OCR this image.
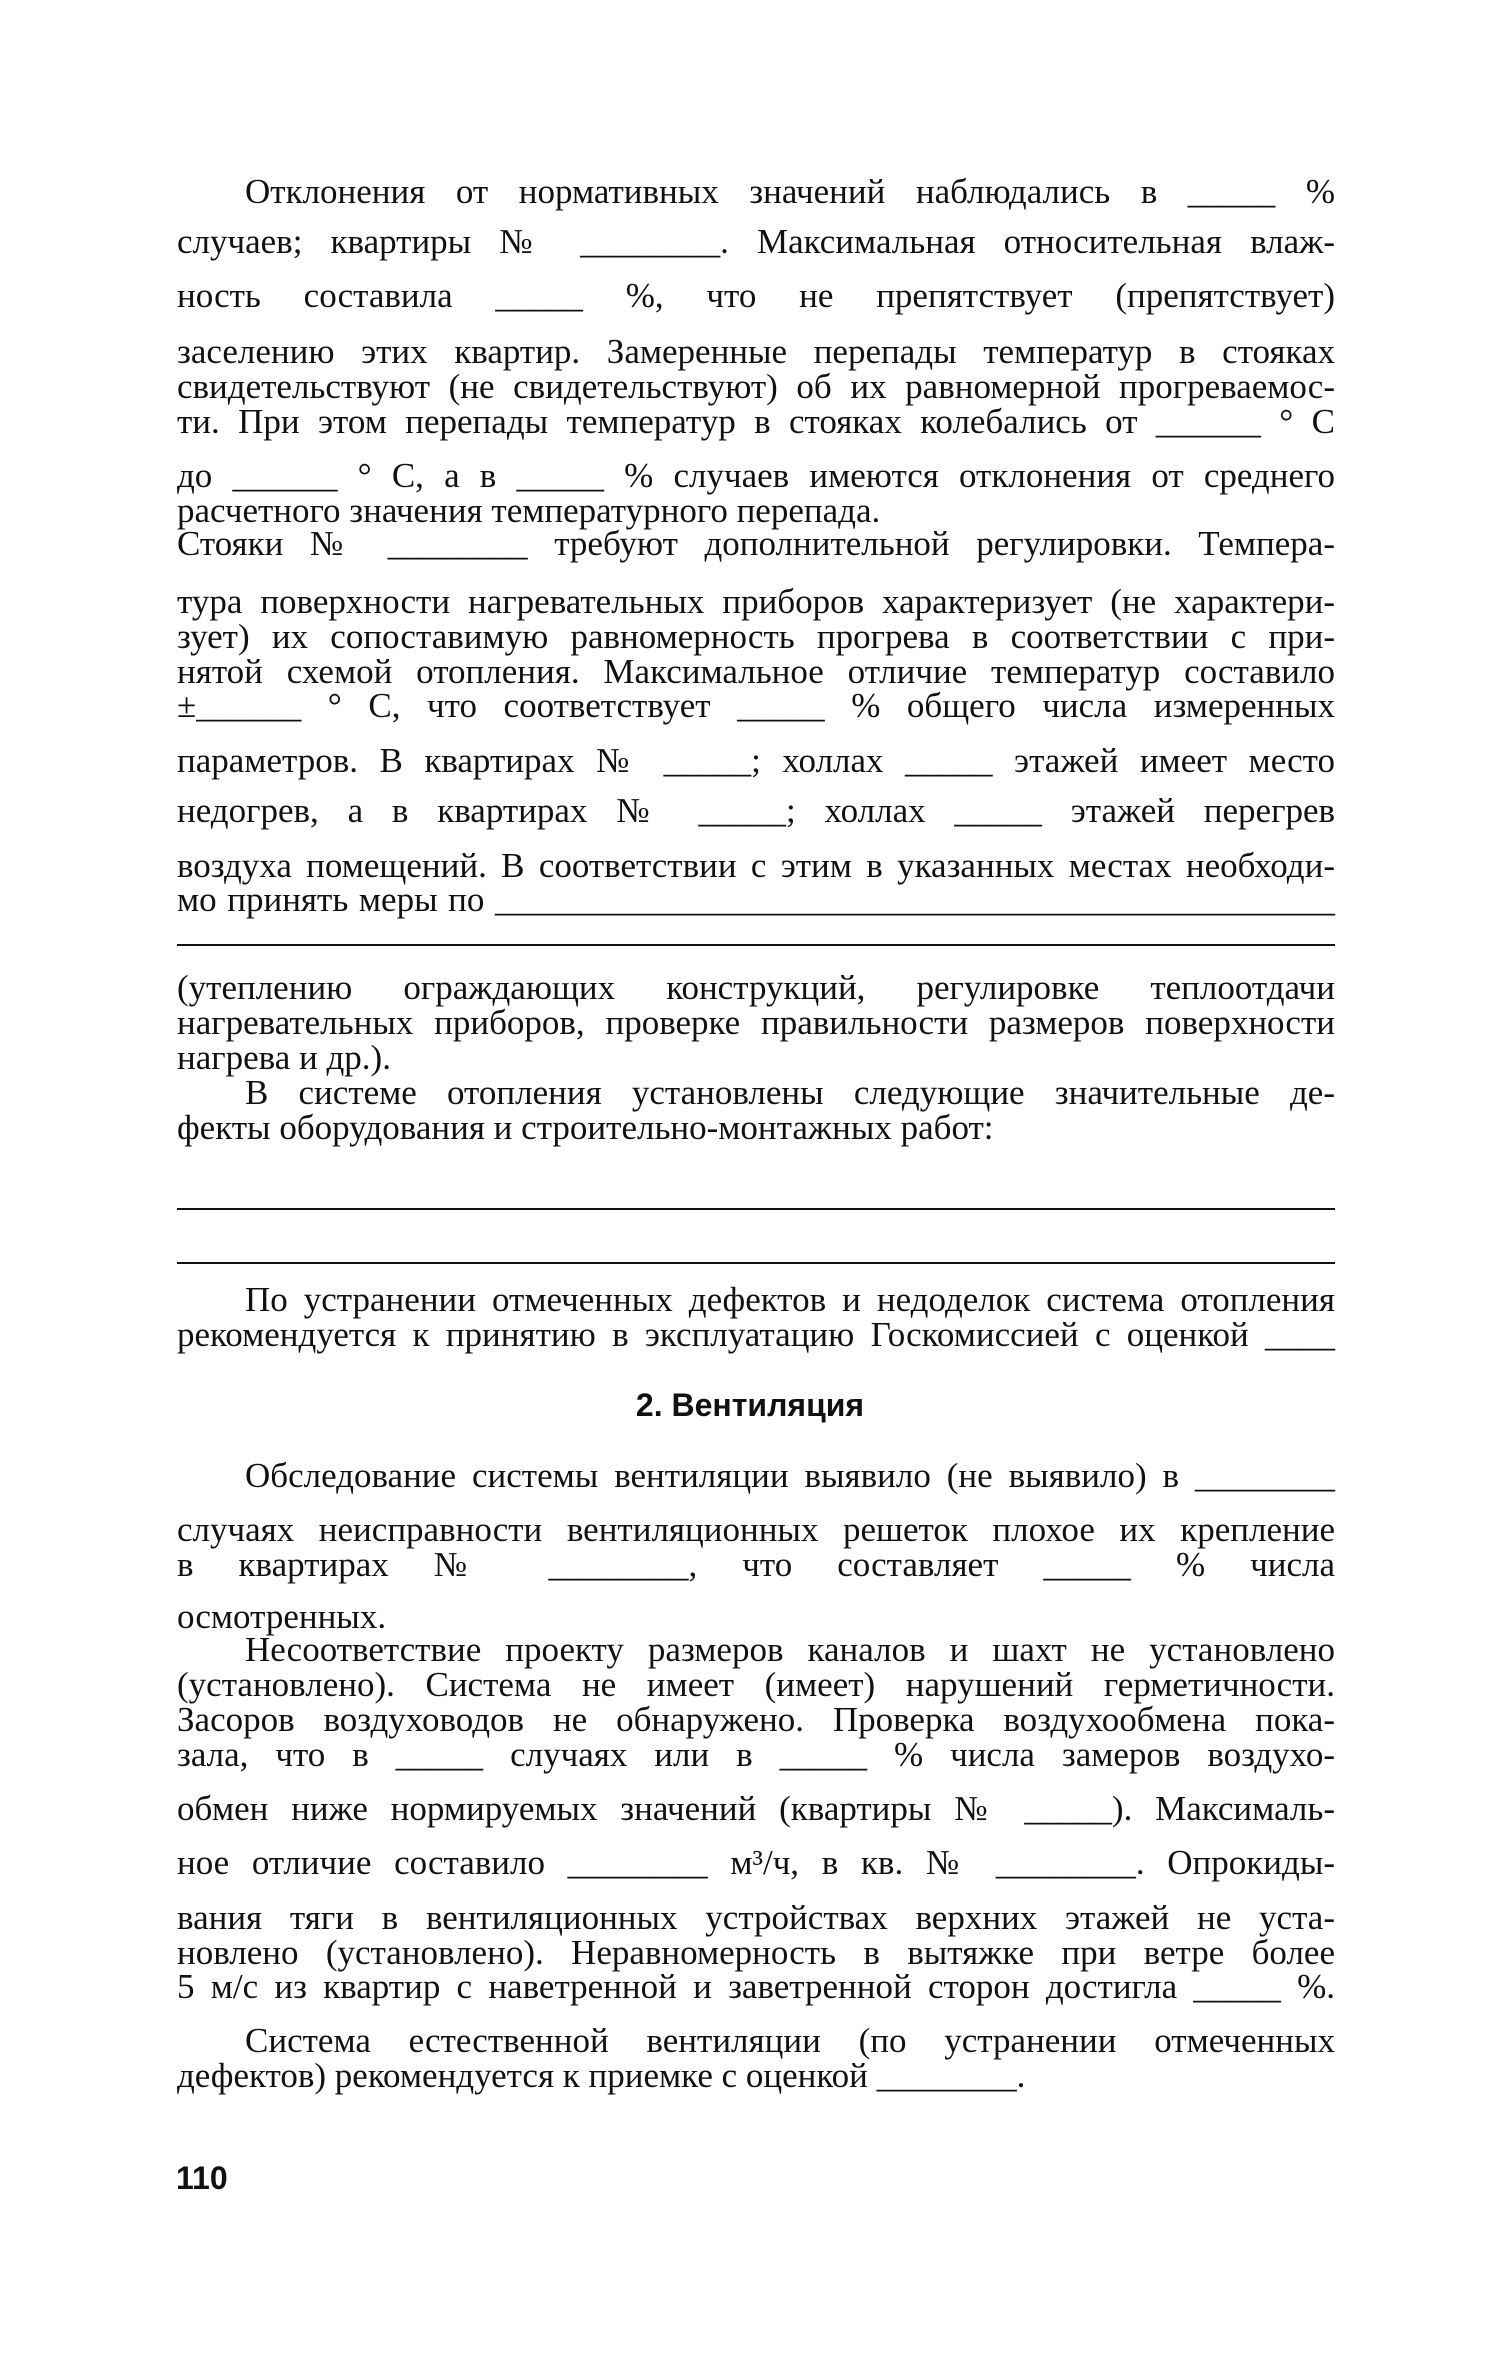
Отклонения от нормативных значений наблюдались в _____ %
случаев; квартиры № ________. Максимальная относительная влаж-
ность составила _____ %, что не препятствует (препятствует)
заселению этих квартир. Замеренные перепады температур в стояках
свидетельствуют (не свидетельствуют) об их равномерной прогреваемос-
ти. При этом перепады температур в стояках колебались от ______ ° С
до ______ ° С, а в _____ % случаев имеются отклонения от среднего
расчетного значения температурного перепада.
Стояки № ________ требуют дополнительной регулировки. Темпера-
тура поверхности нагревательных приборов характеризует (не характери-
зует) их сопоставимую равномерность прогрева в соответствии с при-
нятой схемой отопления. Максимальное отличие температур составило
±______ ° С, что соответствует _____ % общего числа измеренных
параметров. В квартирах № _____; холлах _____ этажей имеет место
недогрев, а в квартирах № _____; холлах _____ этажей перегрев
воздуха помещений. В соответствии с этим в указанных местах необходи-
мо принять меры по ________________________________________________
(утеплению ограждающих конструкций, регулировке теплоотдачи
нагревательных приборов, проверке правильности размеров поверхности
нагрева и др.).
В системе отопления установлены следующие значительные де-
фекты оборудования и строительно-монтажных работ:
По устранении отмеченных дефектов и недоделок система отопления
рекомендуется к принятию в эксплуатацию Госкомиссией с оценкой ____
2. Вентиляция
Обследование системы вентиляции выявило (не выявило) в ________
случаях неисправности вентиляционных решеток плохое их крепление
в квартирах № ________, что составляет _____ % числа
осмотренных.
Несоответствие проекту размеров каналов и шахт не установлено
(установлено). Система не имеет (имеет) нарушений герметичности.
Засоров воздуховодов не обнаружено. Проверка воздухообмена пока-
зала, что в _____ случаях или в _____ % числа замеров воздухо-
обмен ниже нормируемых значений (квартиры № _____). Максималь-
ное отличие составило ________ м³/ч, в кв. № ________. Опрокиды-
вания тяги в вентиляционных устройствах верхних этажей не уста-
новлено (установлено). Неравномерность в вытяжке при ветре более
5 м/с из квартир с наветренной и заветренной сторон достигла _____ %.
Система естественной вентиляции (по устранении отмеченных
дефектов) рекомендуется к приемке с оценкой ________.
110
